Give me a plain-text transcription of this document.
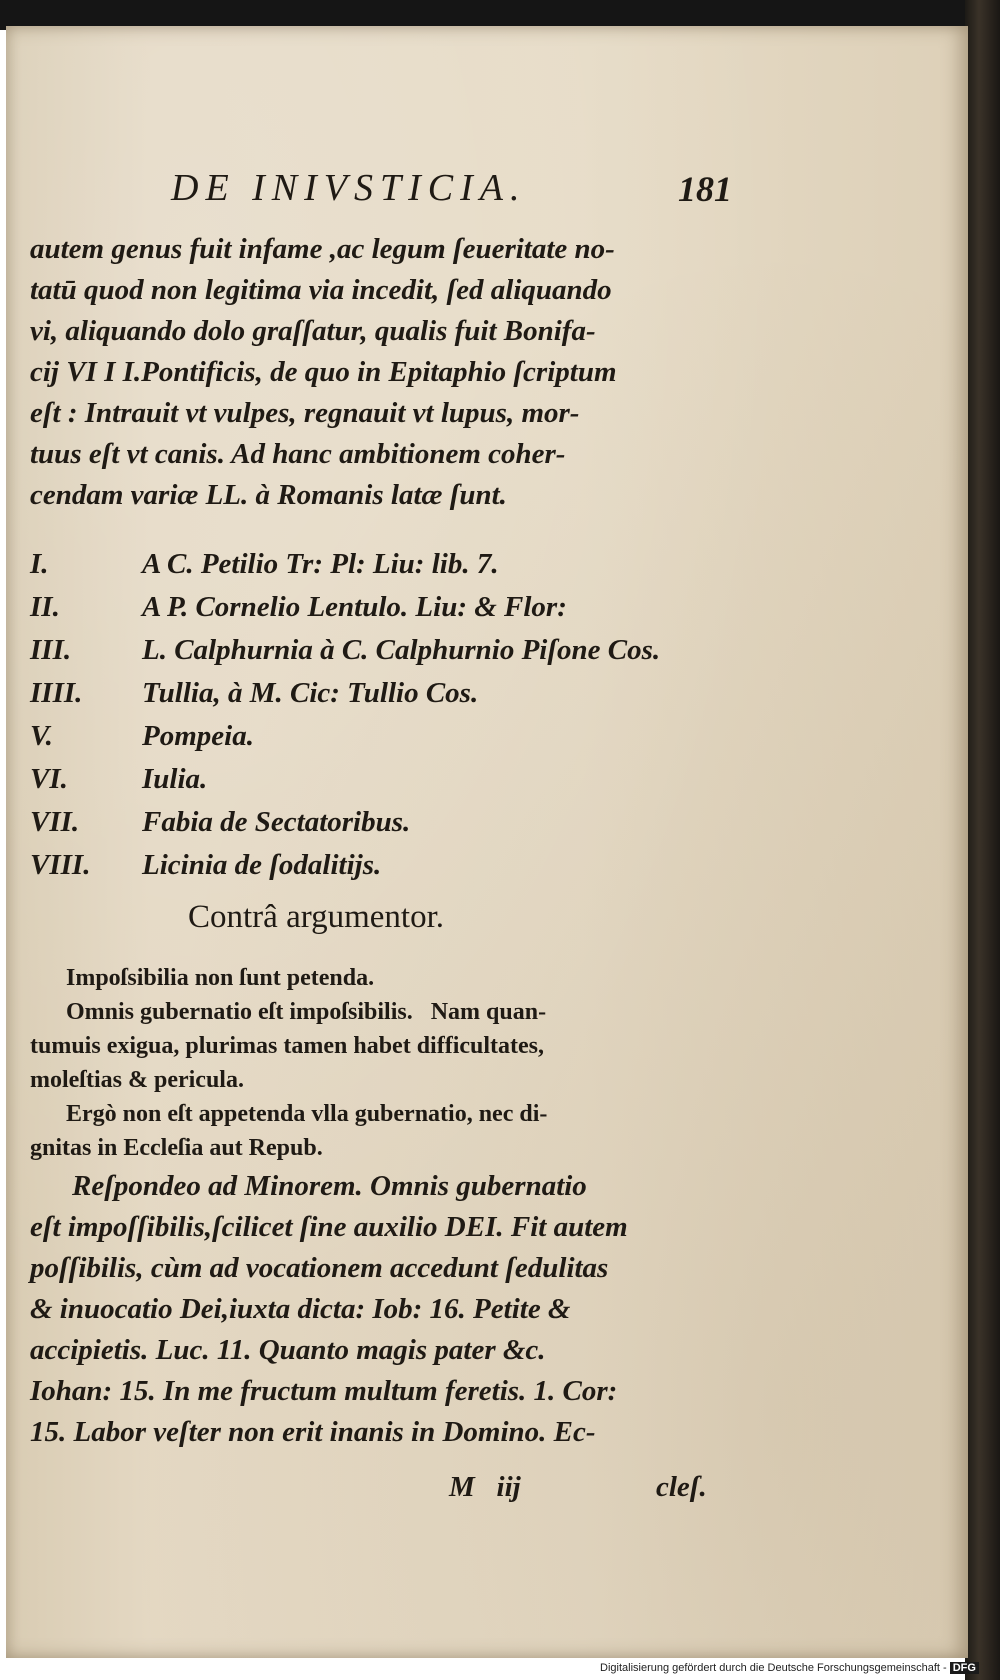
DE INIVSTICIA.	181
autem genus fuit infame ,ac legum ſeueritate no-
tatū quod non legitima via incedit, ſed aliquando
vi, aliquando dolo graſſatur, qualis fuit Bonifa-
cij VI I I.Pontificis, de quo in Epitaphio ſcriptum
eſt : Intrauit vt vulpes, regnauit vt lupus, mor-
tuus eſt vt canis. Ad hanc ambitionem coher-
cendam variæ LL. à Romanis latæ ſunt.
I.	A C. Petilio Tr: Pl: Liu: lib. 7.
II.	A P. Cornelio Lentulo. Liu: & Flor:
III. L. Calphurnia à C. Calphurnio Piſone Cos.
IIII. Tullia, à M. Cic: Tullio Cos.
V.	Pompeia.
VI.	Iulia.
VII. Fabia de Sectatoribus.
VIII. Licinia de ſodalitijs.
Contrâ argumentor.
Impoſsibilia non ſunt petenda.
Omnis gubernatio eſt impoſsibilis.   Nam quan-
tumuis exigua, plurimas tamen habet difficultates,
moleſtias & pericula.
Ergò non eſt appetenda vlla gubernatio, nec di-
gnitas in Eccleſia aut Repub.
Reſpondeo ad Minorem. Omnis gubernatio
eſt impoſſibilis,ſcilicet ſine auxilio DEI. Fit autem
poſſibilis, cùm ad vocationem accedunt ſedulitas
& inuocatio Dei,iuxta dicta: Iob: 16. Petite &
accipietis. Luc. 11. Quanto magis pater &c.
Iohan: 15. In me fructum multum feretis. 1. Cor:
15. Labor veſter non erit inanis in Domino. Ec-
M   iij	cleſ.
Digitalisierung gefördert durch die Deutsche Forschungsgemeinschaft - DFG
